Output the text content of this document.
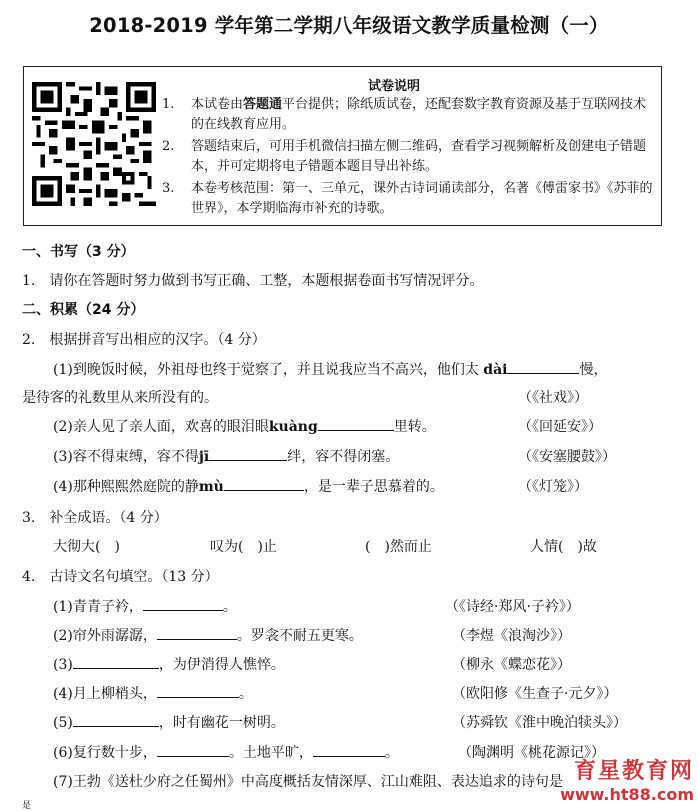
2018-2019 学年第二学期八年级语文教学质量检测（一）
试卷说明
1. 本试卷由答题通平台提供；除纸质试卷，还配套数字教育资源及基于互联网技术的在线教育应用。
2. 答题结束后，可用手机微信扫描左侧二维码，查看学习视频解析及创建电子错题本，并可定期将电子错题本题目导出补练。
3. 本卷考核范围：第一、三单元，课外古诗词诵读部分，名著《傅雷家书》《苏菲的世界》，本学期临海市补充的诗歌。
一、书写（3 分）
1.　请你在答题时努力做到书写正确、工整，本题根据卷面书写情况评分。
二、积累（24 分）
2.　根据拼音写出相应的汉字。（4 分）
(1)到晚饭时候，外祖母也终于觉察了，并且说我应当不高兴，他们太 dài	慢，
是待客的礼数里从来所没有的。	（《社戏》）
(2)亲人见了亲人面，欢喜的眼泪眼kuàng	里转。	（《回延安》）
(3)容不得束缚，容不得jī	绊，容不得闭塞。	（《安塞腰鼓》）
(4)那种熙熙然庭院的静mù	，是一辈子思慕着的。	（《灯笼》）
3.　补全成语。（4 分）
大彻大(　)	叹为(　)止	(　)然而止	人情(　)故
4.　古诗文名句填空。（13 分）
(1)青青子衿，	。	（《诗经·郑风·子衿》）
(2)帘外雨潺潺，	。罗衾不耐五更寒。	（李煜《浪淘沙》）
(3)	，为伊消得人憔悴。	（柳永《蝶恋花》）
(4)月上柳梢头，	。	（欧阳修《生查子·元夕》）
(5)	，时有幽花一树明。	（苏舜钦《淮中晚泊犊头》）
(6)复行数十步，	。土地平旷，	。	（陶渊明《桃花源记》）
(7)王勃《送杜少府之任蜀州》中高度概括友情深厚、江山难阻、表达追求的诗句是
是
育星教育网
www.ht88.com
